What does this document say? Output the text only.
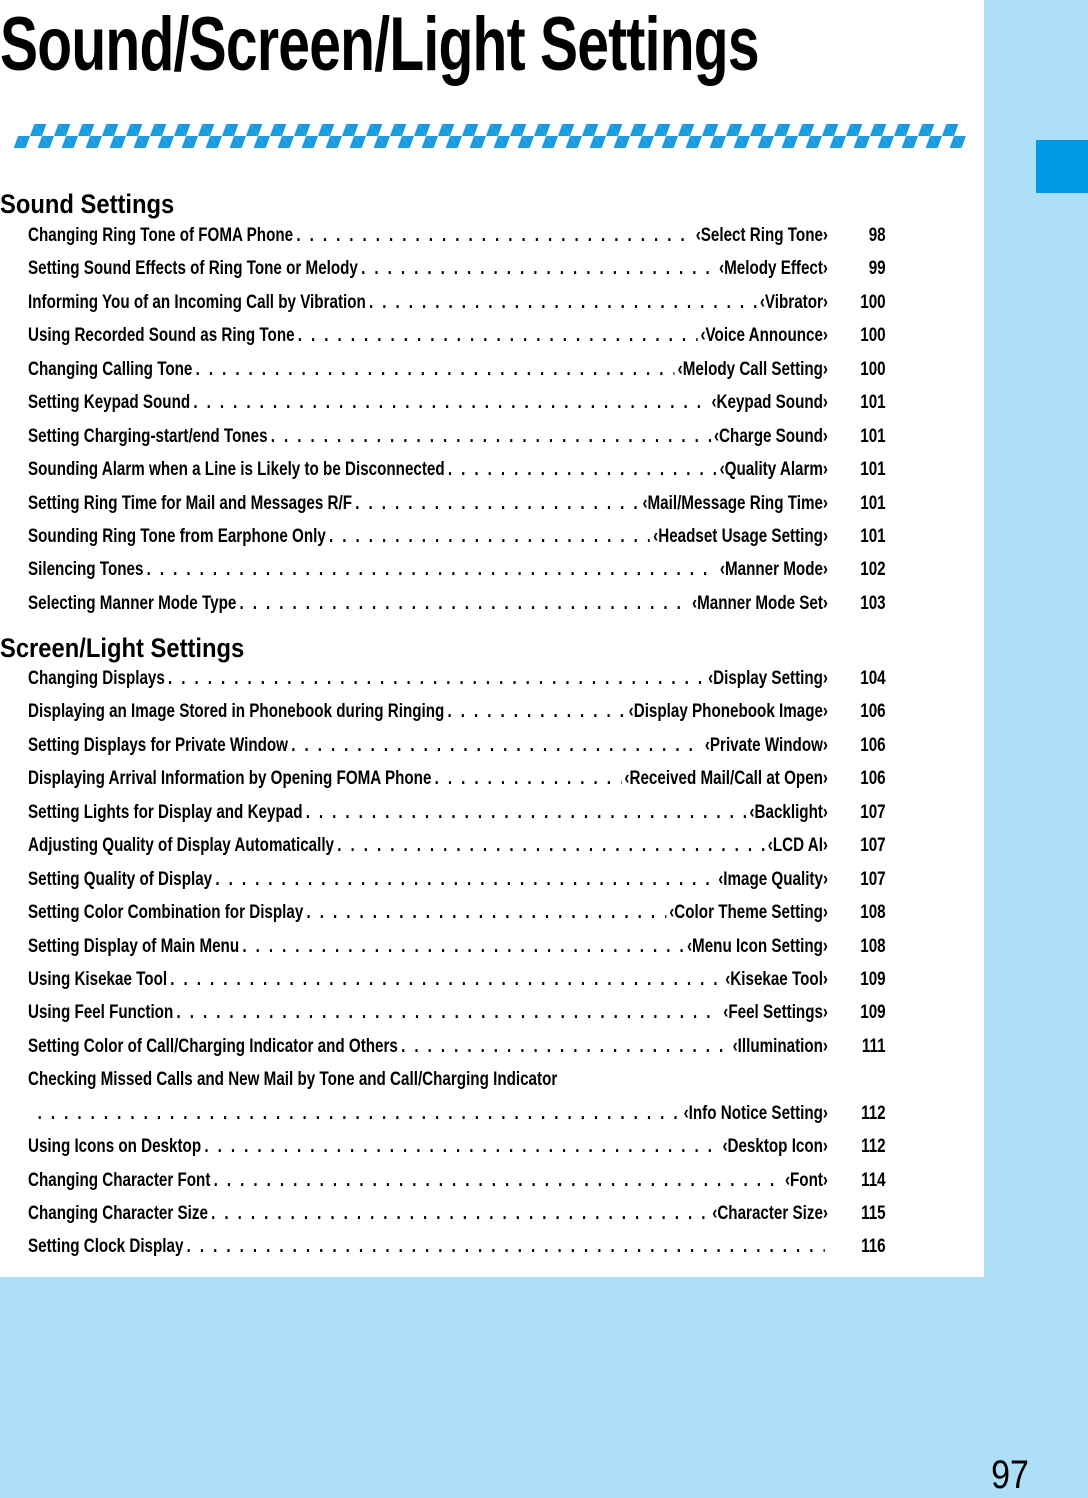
Sound/Screen/Light Settings
Sound Settings
Changing Ring Tone of FOMA Phone . . .	‹Select Ring Tone›	98
Setting Sound Effects of Ring Tone or Melody . . .	‹Melody Effect›	99
Informing You of an Incoming Call by Vibration . . .	‹Vibrator›	100
Using Recorded Sound as Ring Tone . . .	‹Voice Announce›	100
Changing Calling Tone . . .	‹Melody Call Setting›	100
Setting Keypad Sound . . .	‹Keypad Sound›	101
Setting Charging-start/end Tones . . .	‹Charge Sound›	101
Sounding Alarm when a Line is Likely to be Disconnected . . .	‹Quality Alarm›	101
Setting Ring Time for Mail and Messages R/F . . .	‹Mail/Message Ring Time›	101
Sounding Ring Tone from Earphone Only . . .	‹Headset Usage Setting›	101
Silencing Tones . . .	‹Manner Mode›	102
Selecting Manner Mode Type . . .	‹Manner Mode Set›	103
Screen/Light Settings
Changing Displays . . .	‹Display Setting›	104
Displaying an Image Stored in Phonebook during Ringing . . .	‹Display Phonebook Image›	106
Setting Displays for Private Window . . .	‹Private Window›	106
Displaying Arrival Information by Opening FOMA Phone . . .	‹Received Mail/Call at Open›	106
Setting Lights for Display and Keypad . . .	‹Backlight›	107
Adjusting Quality of Display Automatically . . .	‹LCD AI›	107
Setting Quality of Display . . .	‹Image Quality›	107
Setting Color Combination for Display . . .	‹Color Theme Setting›	108
Setting Display of Main Menu . . .	‹Menu Icon Setting›	108
Using Kisekae Tool . . .	‹Kisekae Tool›	109
Using Feel Function . . .	‹Feel Settings›	109
Setting Color of Call/Charging Indicator and Others . . .	‹Illumination›	111
Checking Missed Calls and New Mail by Tone and Call/Charging Indicator
. . .
‹Info Notice Setting›	112
Using Icons on Desktop . . .	‹Desktop Icon›	112
Changing Character Font . . .	‹Font›	114
Changing Character Size . . .	‹Character Size›	115
Setting Clock Display . . .	116
97
